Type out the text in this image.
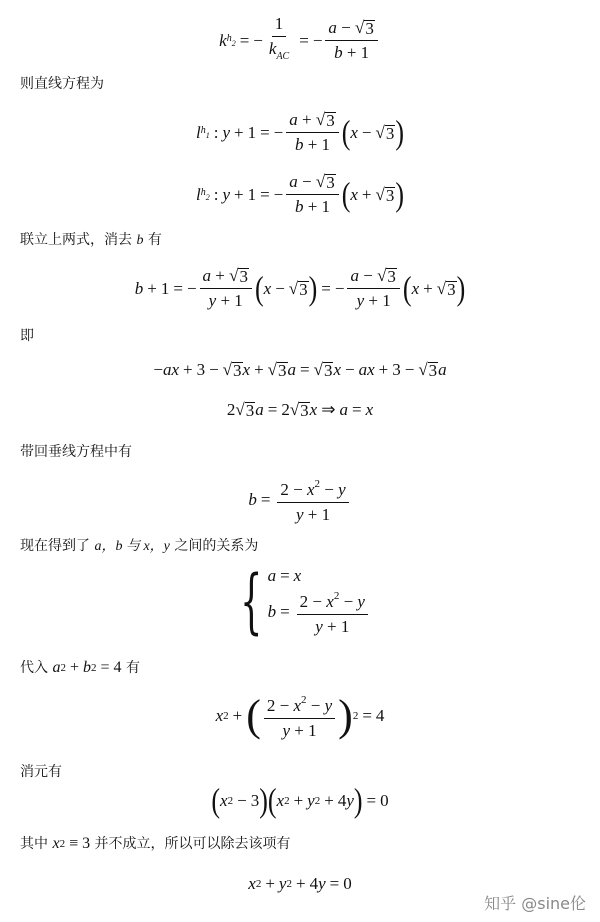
k $h_2$ = − $\frac{1}{k_{AC}}$ = − $\frac{a - √ 3}{b + 1}$
则直线方程为
l $h_1$ : y + 1 = − $\frac{a + √ 3}{b + 1}$ ( x − √ 3 )
l $h_2$ : y + 1 = − $\frac{a - √ 3}{b + 1}$ ( x + √ 3 )
联立上两式，消去 b 有
b + 1 = − $\frac{a + √ 3}{y + 1}$ ( x − √ 3 ) = − $\frac{a - √ 3}{y + 1}$ ( x + √ 3 )
即
− ax + 3 − √ 3 x + √ 3 a = √ 3 x − ax + 3 − √ 3 a
2 √ 3 a = 2 √ 3 x ⇒ a = x
带回垂线方程中有
$b = \frac{2 - x^2 - y}{y + 1}$
现在得到了 a，b 与 x，y 之间的关系为
{ a = x
$b = \frac{2 - x^2 - y}{y + 1}$
代入 a 2 + b 2 = 4 有
x 2 + ( $\frac{2 - x^2 - y}{y + 1}$ ) 2 = 4
消元有
( x 2 − 3 ) ( x 2 + y 2 + 4 y ) = 0
其中 x 2 ≡ 3 并不成立，所以可以除去该项有
x 2 + y 2 + 4 y = 0
知乎 @sine伦
